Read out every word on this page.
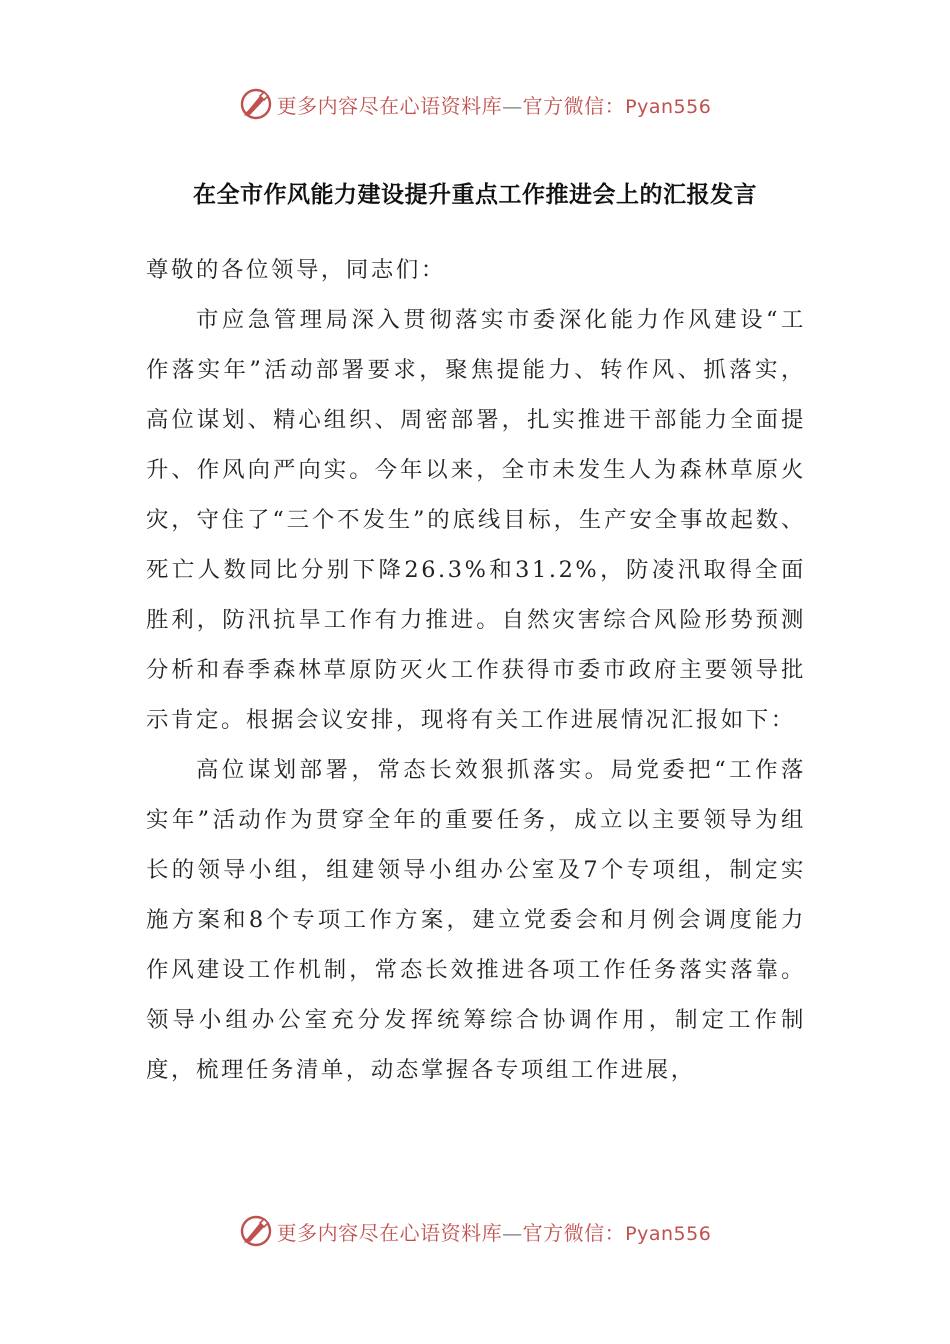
更多内容尽在心语资料库—官方微信：Pyan556
在全市作风能力建设提升重点工作推进会上的汇报发言

尊敬的各位领导，同志们：

市应急管理局深入贯彻落实市委深化能力作风建设“工作落实年”活动部署要求，聚焦提能力、转作风、抓落实，高位谋划、精心组织、周密部署，扎实推进干部能力全面提升、作风向严向实。今年以来，全市未发生人为森林草原火灾，守住了“三个不发生”的底线目标，生产安全事故起数、死亡人数同比分别下降26.3%和31.2%，防凌汛取得全面胜利，防汛抗旱工作有力推进。自然灾害综合风险形势预测分析和春季森林草原防灭火工作获得市委市政府主要领导批示肯定。根据会议安排，现将有关工作进展情况汇报如下：

高位谋划部署，常态长效狠抓落实。局党委把“工作落实年”活动作为贯穿全年的重要任务，成立以主要领导为组长的领导小组，组建领导小组办公室及7个专项组，制定实施方案和8个专项工作方案，建立党委会和月例会调度能力作风建设工作机制，常态长效推进各项工作任务落实落靠。领导小组办公室充分发挥统筹综合协调作用，制定工作制度，梳理任务清单，动态掌握各专项组工作进展，

更多内容尽在心语资料库—官方微信：Pyan556
